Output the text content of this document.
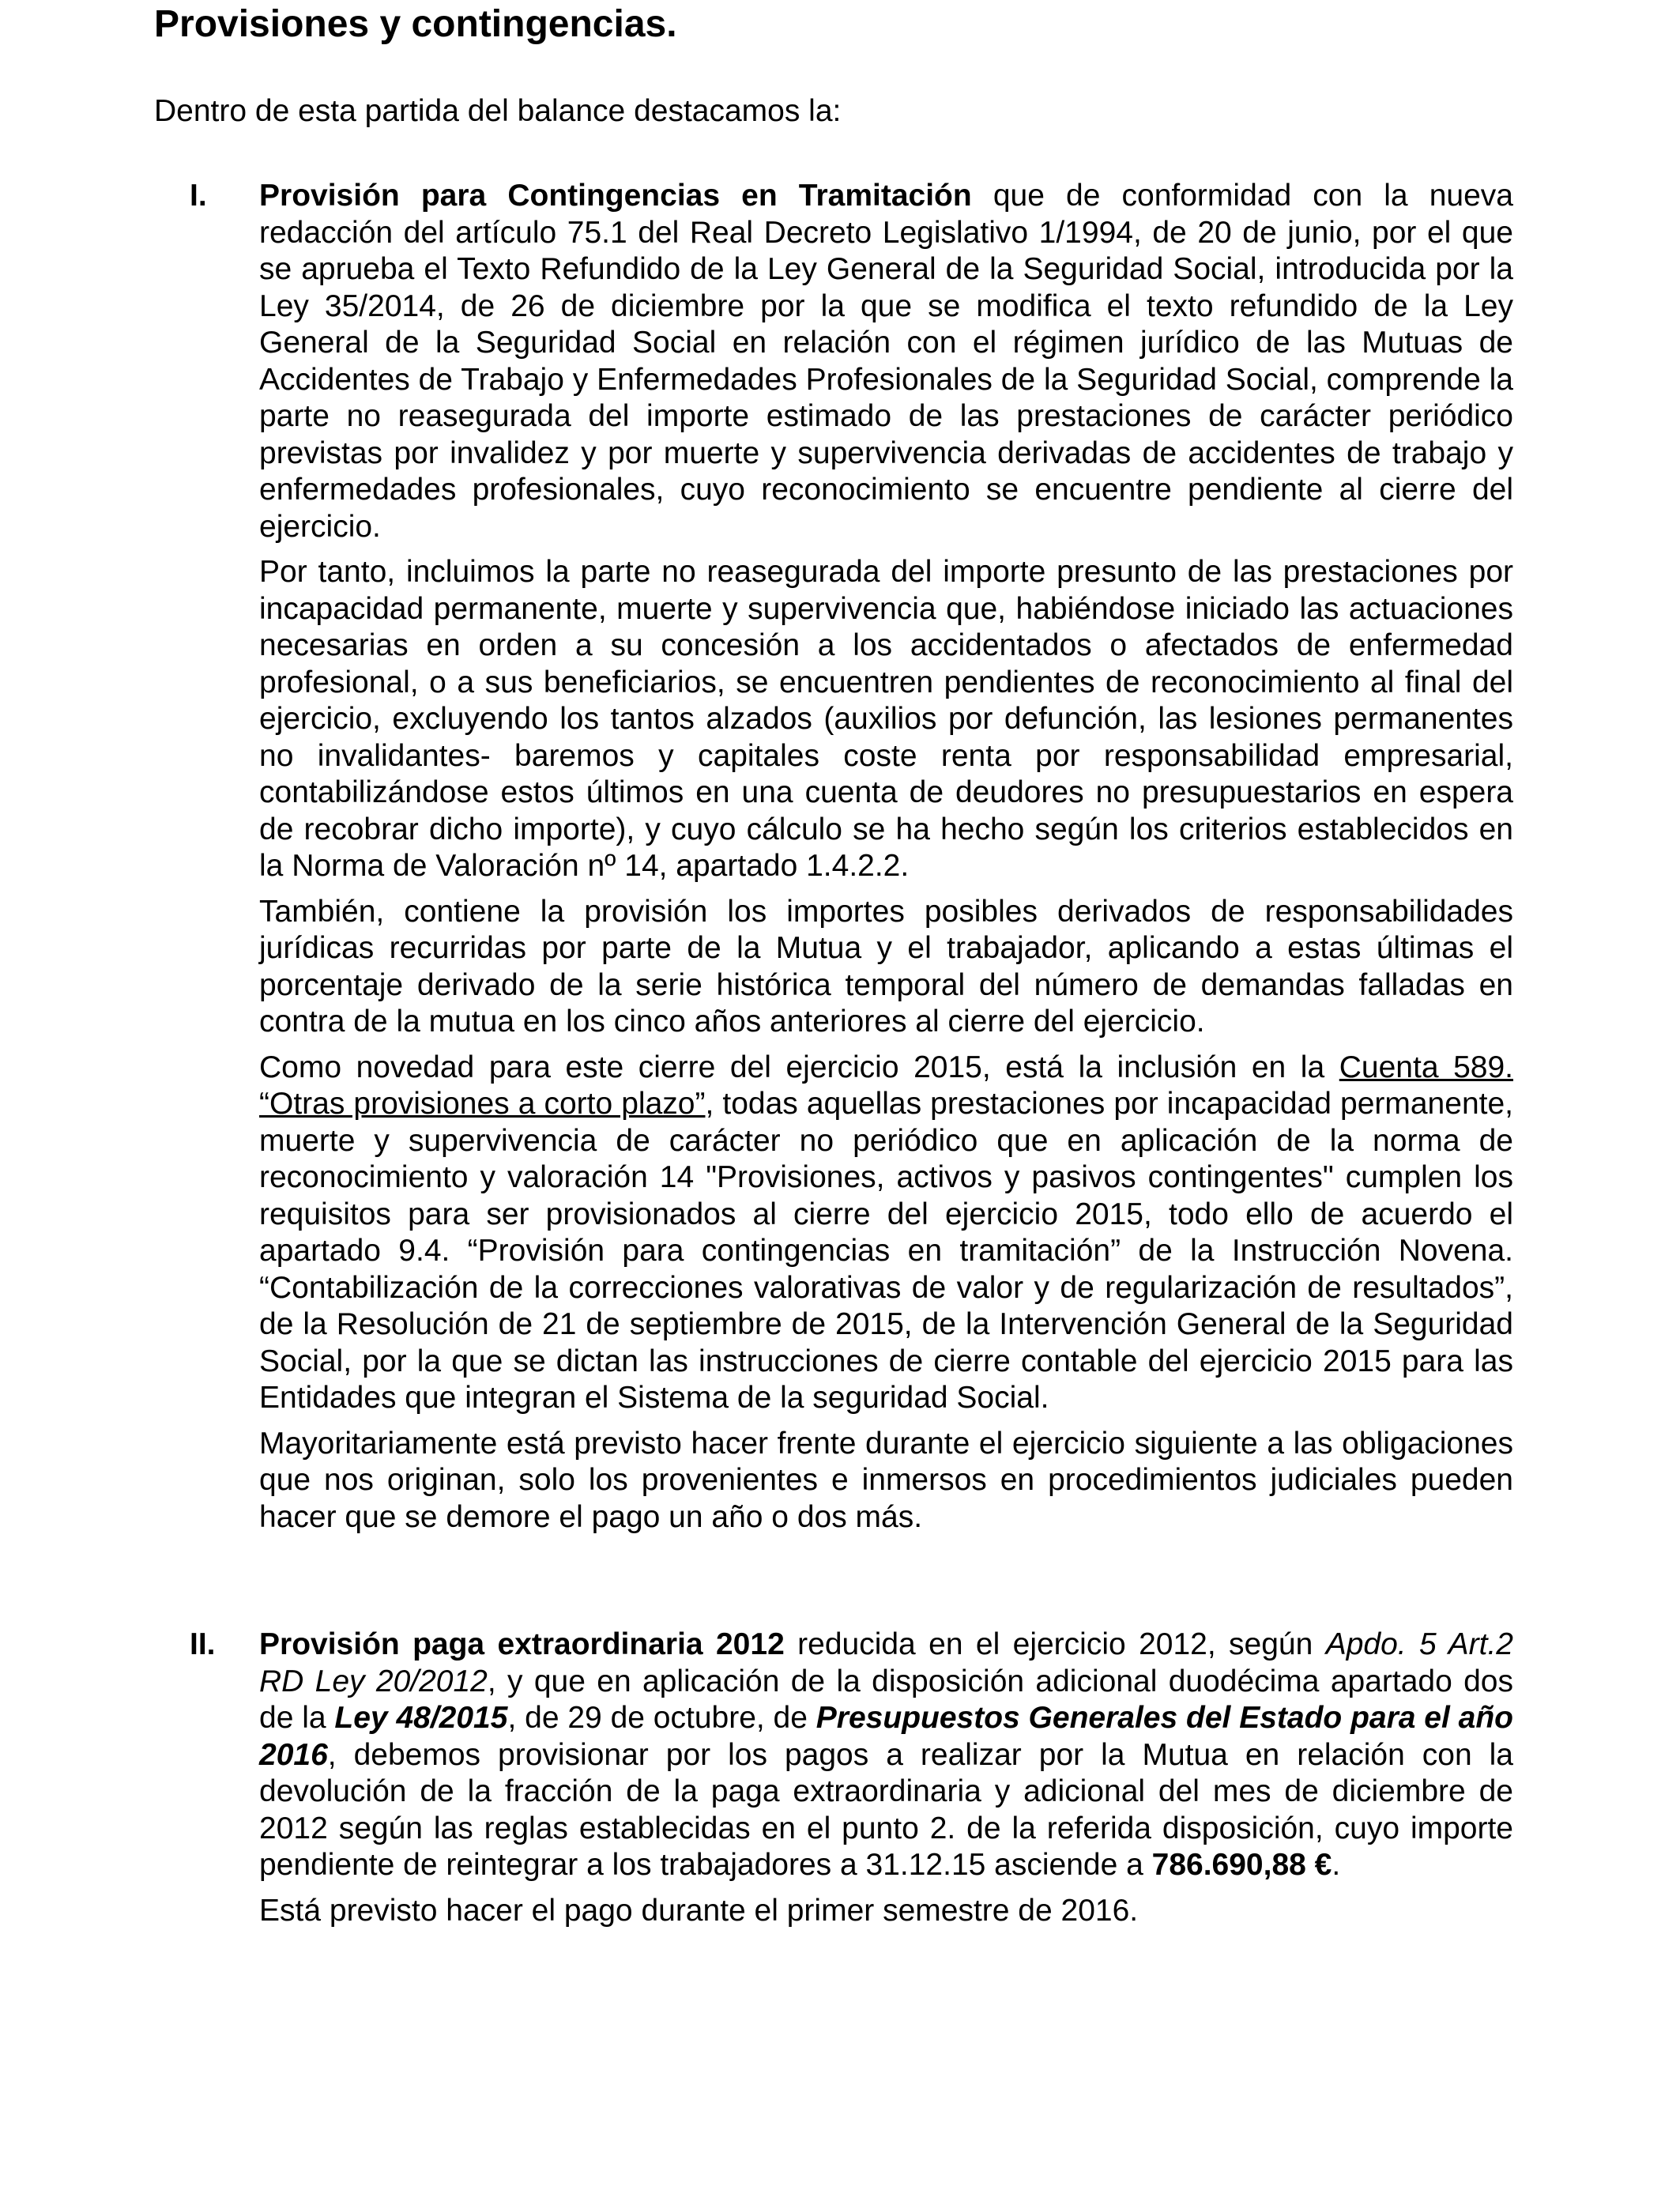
Provisiones y contingencias.

Dentro de esta partida del balance destacamos la:

I. Provisión para Contingencias en Tramitación que de conformidad con la nueva redacción del artículo 75.1 del Real Decreto Legislativo 1/1994, de 20 de junio, por el que se aprueba el Texto Refundido de la Ley General de la Seguridad Social, introducida por la Ley 35/2014, de 26 de diciembre por la que se modifica el texto refundido de la Ley General de la Seguridad Social en relación con el régimen jurídico de las Mutuas de Accidentes de Trabajo y Enfermedades Profesionales de la Seguridad Social, comprende la parte no reasegurada del importe estimado de las prestaciones de carácter periódico previstas por invalidez y por muerte y supervivencia derivadas de accidentes de trabajo y enfermedades profesionales, cuyo reconocimiento se encuentre pendiente al cierre del ejercicio.

Por tanto, incluimos la parte no reasegurada del importe presunto de las prestaciones por incapacidad permanente, muerte y supervivencia que, habiéndose iniciado las actuaciones necesarias en orden a su concesión a los accidentados o afectados de enfermedad profesional, o a sus beneficiarios, se encuentren pendientes de reconocimiento al final del ejercicio, excluyendo los tantos alzados (auxilios por defunción, las lesiones permanentes no invalidantes- baremos y capitales coste renta por responsabilidad empresarial, contabilizándose estos últimos en una cuenta de deudores no presupuestarios en espera de recobrar dicho importe), y cuyo cálculo se ha hecho según los criterios establecidos en la Norma de Valoración nº 14, apartado 1.4.2.2.

También, contiene la provisión los importes posibles derivados de responsabilidades jurídicas recurridas por parte de la Mutua y el trabajador, aplicando a estas últimas el porcentaje derivado de la serie histórica temporal del número de demandas falladas en contra de la mutua en los cinco años anteriores al cierre del ejercicio.

Como novedad para este cierre del ejercicio 2015, está la inclusión en la Cuenta 589. “Otras provisiones a corto plazo”, todas aquellas prestaciones por incapacidad permanente, muerte y supervivencia de carácter no periódico que en aplicación de la norma de reconocimiento y valoración 14 "Provisiones, activos y pasivos contingentes" cumplen los requisitos para ser provisionados al cierre del ejercicio 2015, todo ello de acuerdo el apartado 9.4. “Provisión para contingencias en tramitación” de la Instrucción Novena. “Contabilización de la correcciones valorativas de valor y de regularización de resultados”, de la Resolución de 21 de septiembre de 2015, de la Intervención General de la Seguridad Social, por la que se dictan las instrucciones de cierre contable del ejercicio 2015 para las Entidades que integran el Sistema de la seguridad Social.

Mayoritariamente está previsto hacer frente durante el ejercicio siguiente a las obligaciones que nos originan, solo los provenientes e inmersos en procedimientos judiciales pueden hacer que se demore el pago un año o dos más.

II. Provisión paga extraordinaria 2012 reducida en el ejercicio 2012, según Apdo. 5 Art.2 RD Ley 20/2012, y que en aplicación de la disposición adicional duodécima apartado dos de la Ley 48/2015, de 29 de octubre, de Presupuestos Generales del Estado para el año 2016, debemos provisionar por los pagos a realizar por la Mutua en relación con la devolución de la fracción de la paga extraordinaria y adicional del mes de diciembre de 2012 según las reglas establecidas en el punto 2. de la referida disposición, cuyo importe pendiente de reintegrar a los trabajadores a 31.12.15 asciende a 786.690,88 €.

Está previsto hacer el pago durante el primer semestre de 2016.
